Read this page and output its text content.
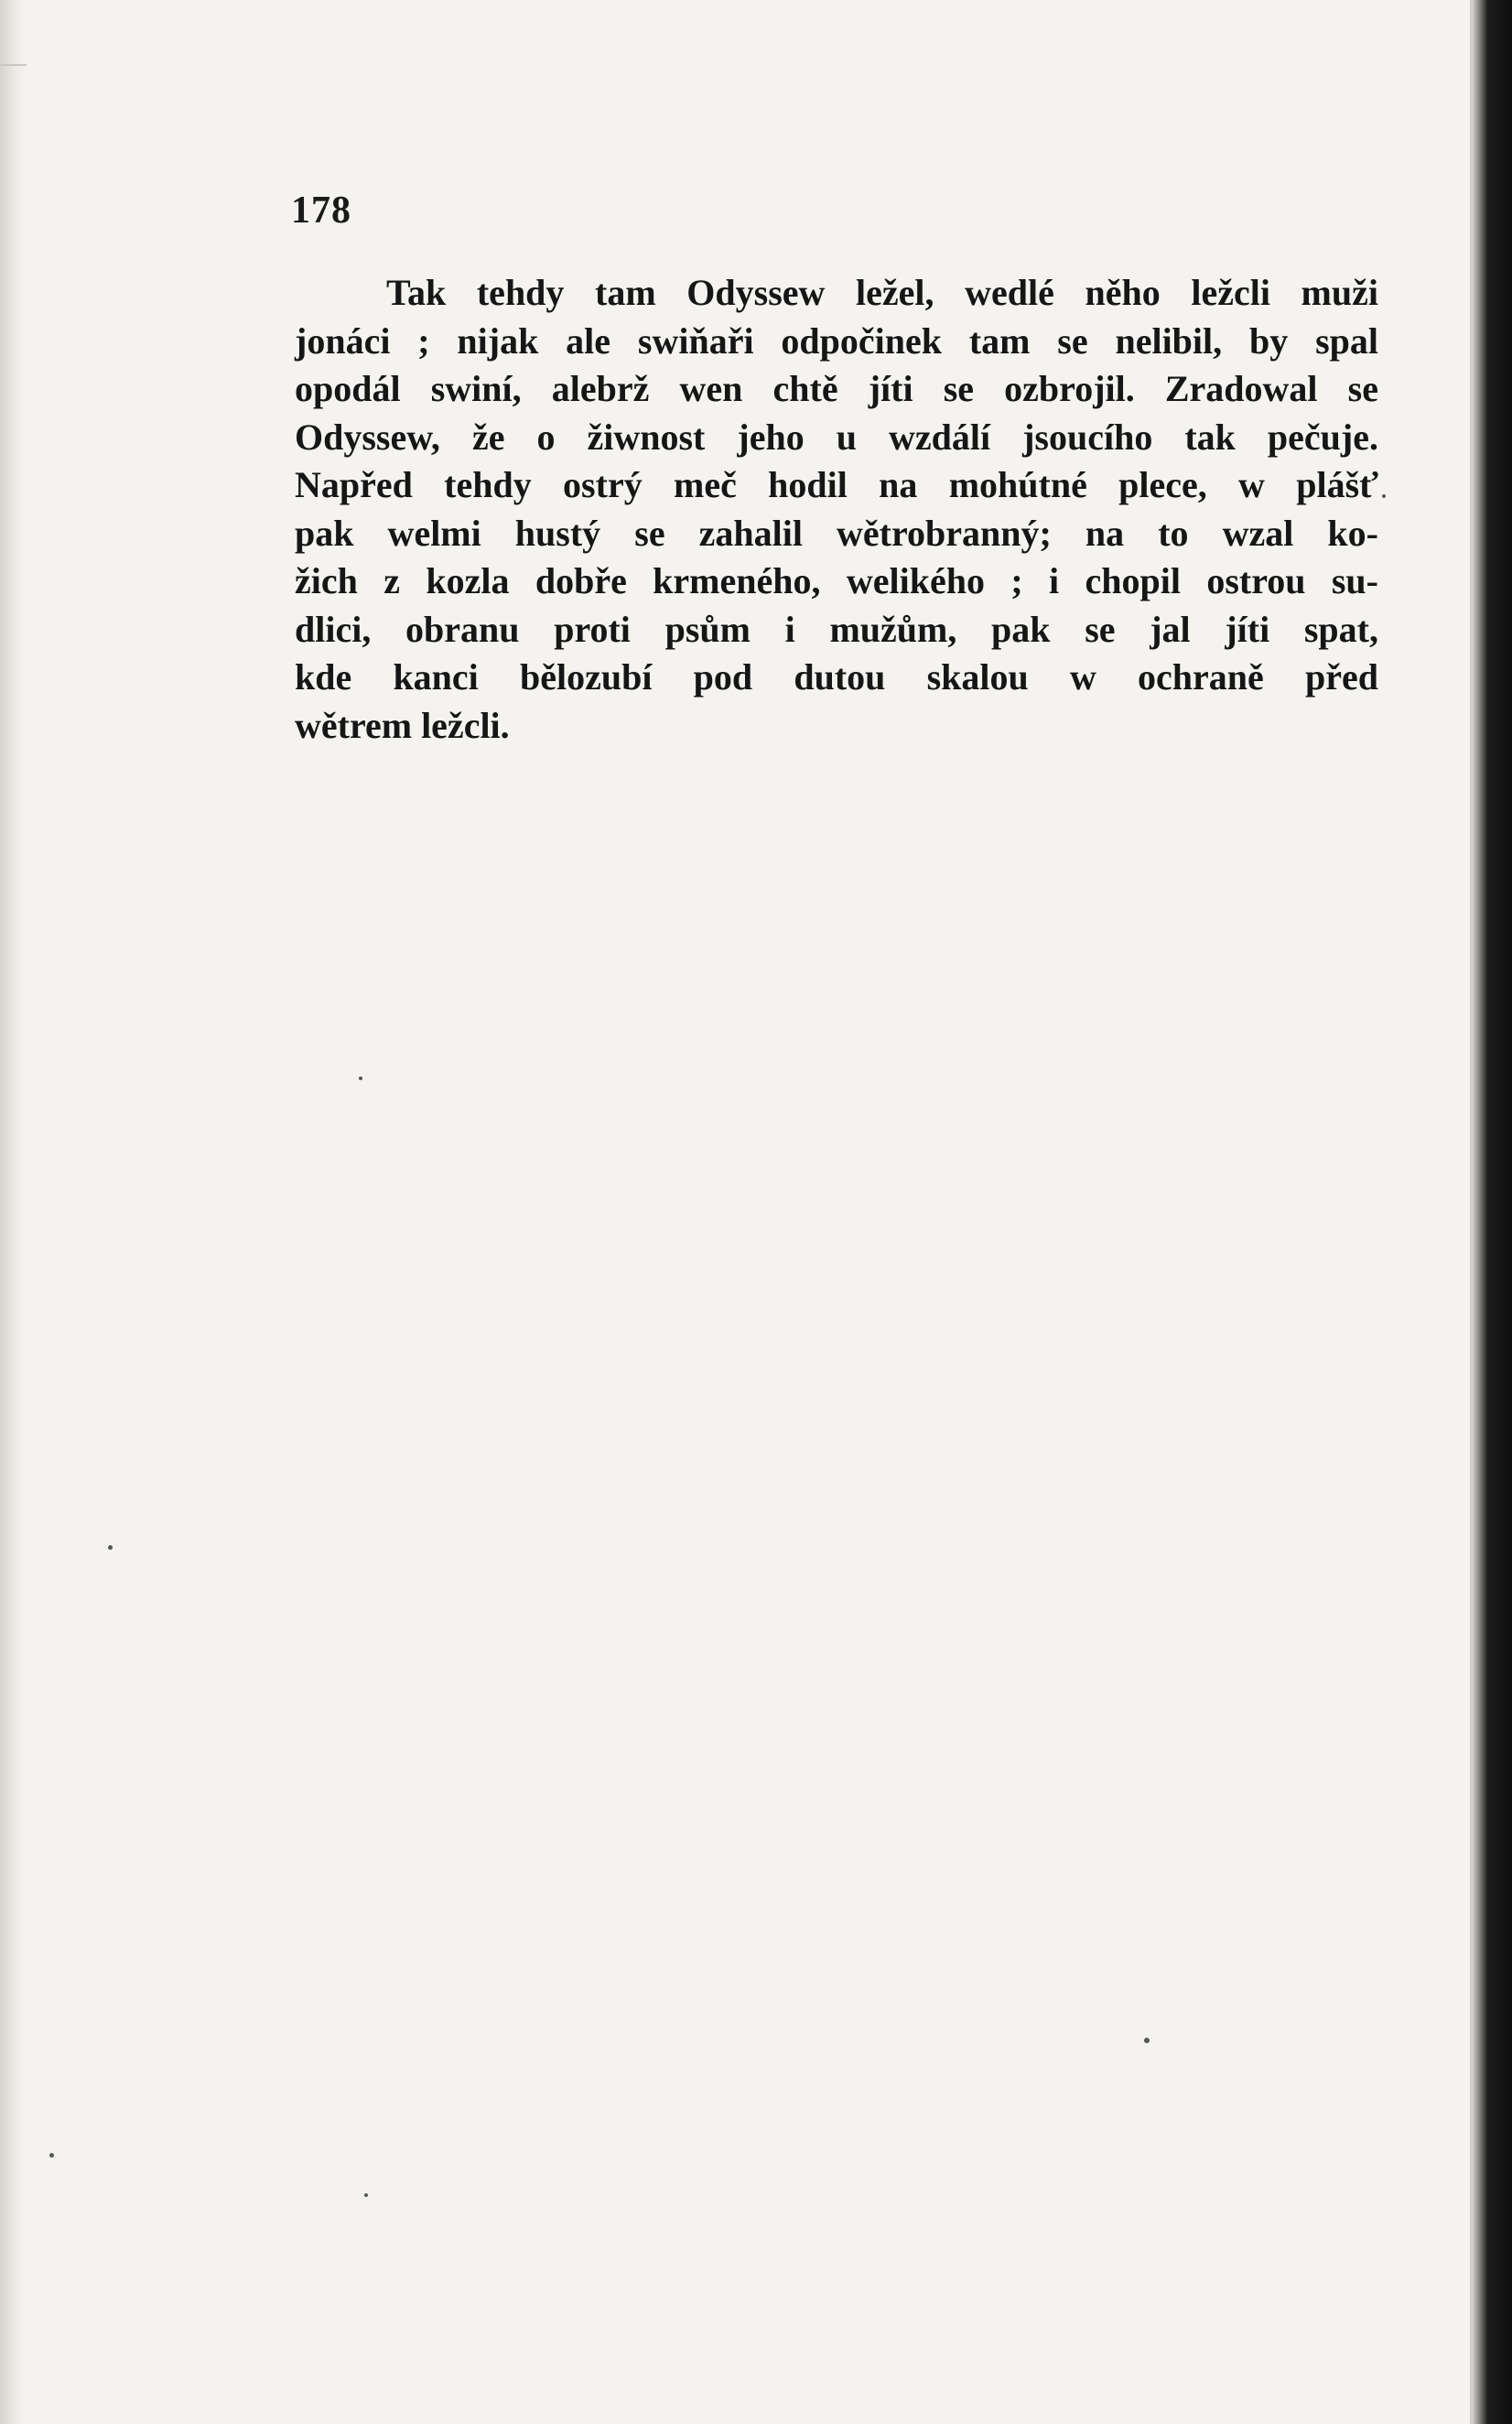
178
Tak tehdy tam Odyssew ležel, wedlé něho ležcli muži
jonáci ; nijak ale swiňaři odpočinek tam se nelibil, by spal
opodál swiní, alebrž wen chtě jíti se ozbrojil. Zradowal se
Odyssew, že o žiwnost jeho u wzdálí jsoucího tak pečuje.
Napřed tehdy ostrý meč hodil na mohútné plece, w plášť
pak welmi hustý se zahalil wětrobranný; na to wzal ko-
žich z kozla dobře krmeného, welikého ; i chopil ostrou su-
dlici, obranu proti psům i mužům, pak se jal jíti spat,
kde kanci bělozubí pod dutou skalou w ochraně před
wětrem ležcli.
